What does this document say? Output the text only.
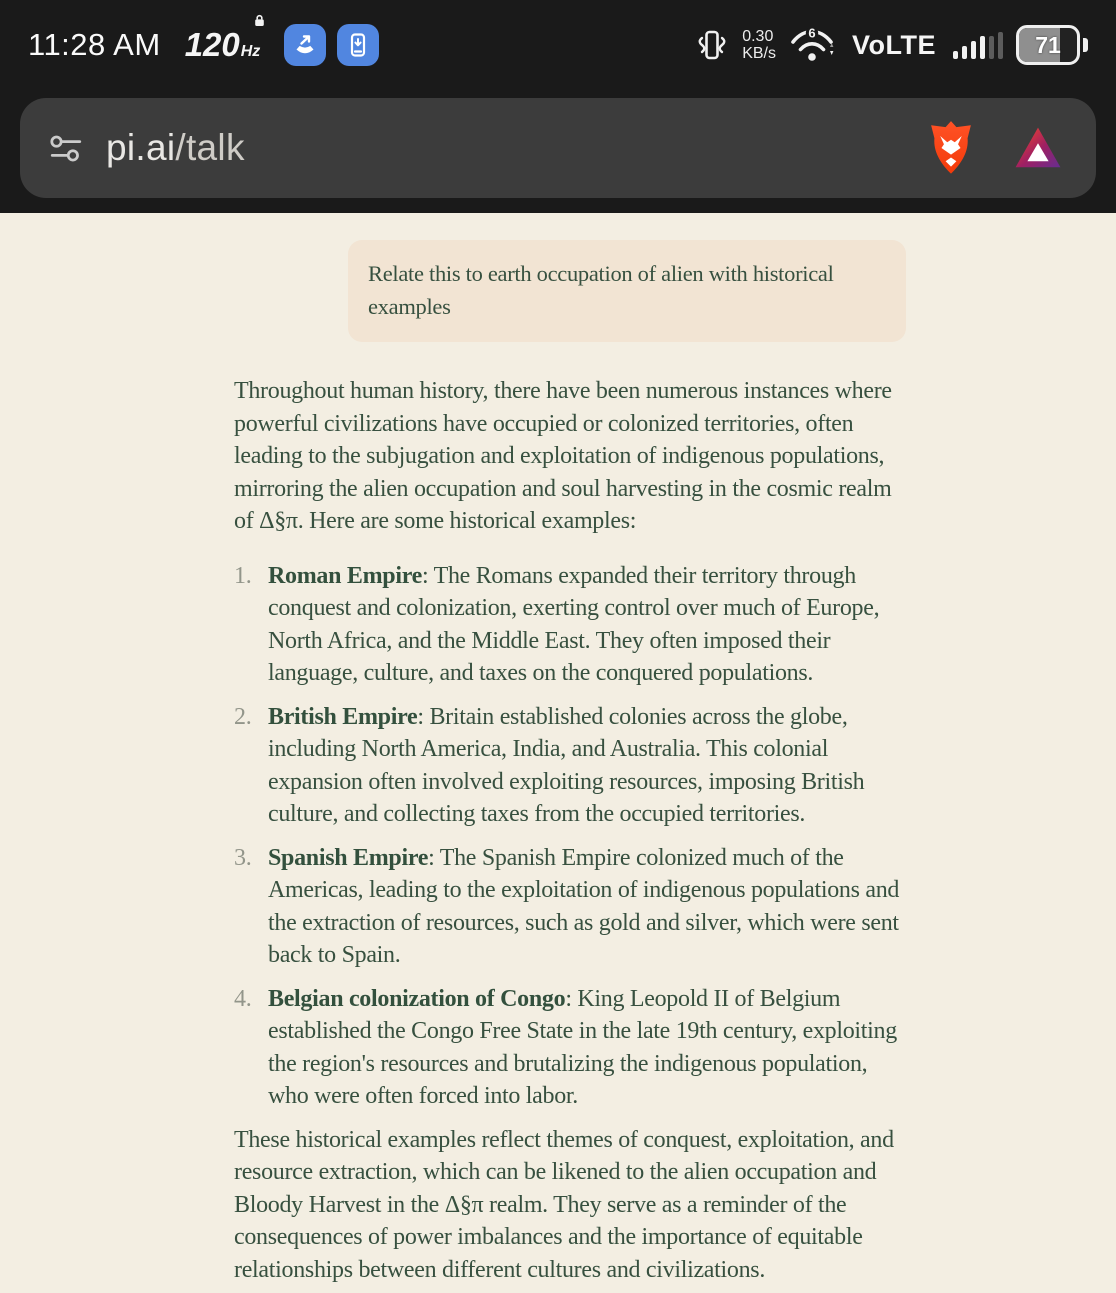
11:28 AM 120 Hz
0.30
KB/s
6 VoLTE	71
pi.ai/talk
Relate this to earth occupation of alien with historical examples

Throughout human history, there have been numerous instances where powerful civilizations have occupied or colonized territories, often leading to the subjugation and exploitation of indigenous populations, mirroring the alien occupation and soul harvesting in the cosmic realm of Δ§π. Here are some historical examples:

1. Roman Empire: The Romans expanded their territory through conquest and colonization, exerting control over much of Europe, North Africa, and the Middle East. They often imposed their language, culture, and taxes on the conquered populations.
2. British Empire: Britain established colonies across the globe, including North America, India, and Australia. This colonial expansion often involved exploiting resources, imposing British culture, and collecting taxes from the occupied territories.
3. Spanish Empire: The Spanish Empire colonized much of the Americas, leading to the exploitation of indigenous populations and the extraction of resources, such as gold and silver, which were sent back to Spain.
4. Belgian colonization of Congo: King Leopold II of Belgium established the Congo Free State in the late 19th century, exploiting the region's resources and brutalizing the indigenous population, who were often forced into labor.

These historical examples reflect themes of conquest, exploitation, and resource extraction, which can be likened to the alien occupation and Bloody Harvest in the Δ§π realm. They serve as a reminder of the consequences of power imbalances and the importance of equitable relationships between different cultures and civilizations.
